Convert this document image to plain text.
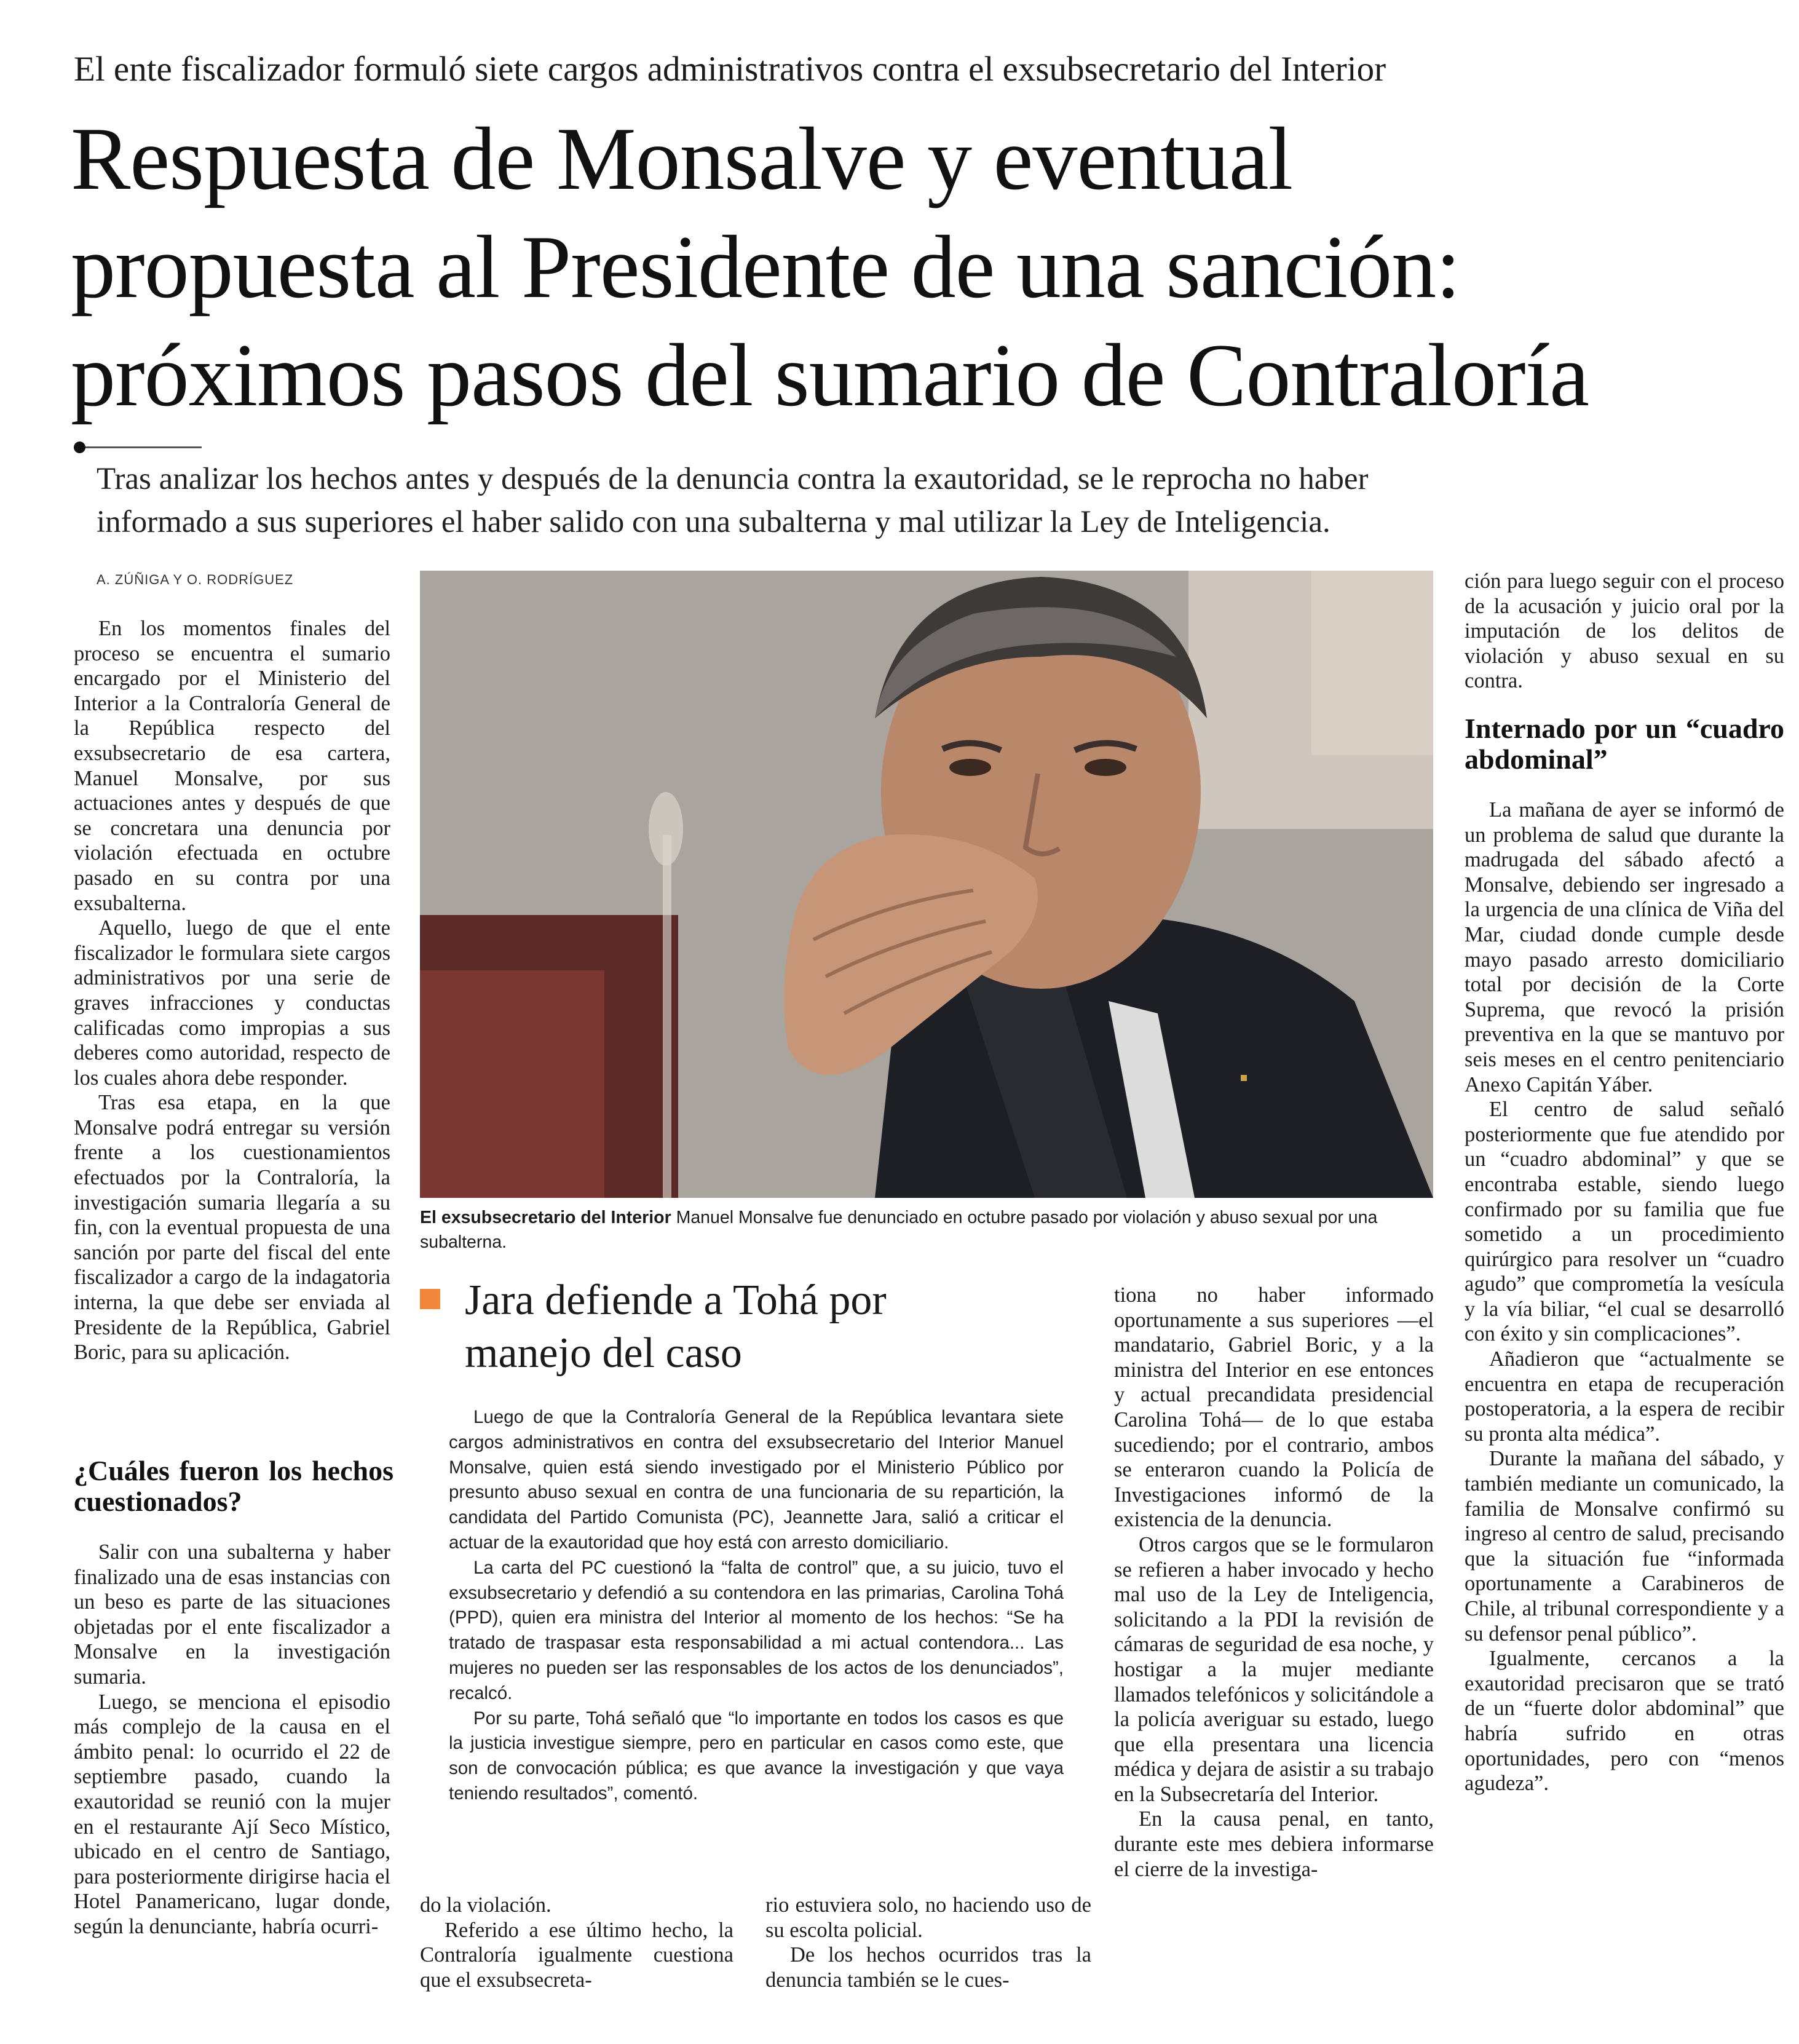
El ente fiscalizador formuló siete cargos administrativos contra el exsubsecretario del Interior
Respuesta de Monsalve y eventual
propuesta al Presidente de una sanción:
próximos pasos del sumario de Contraloría
Tras analizar los hechos antes y después de la denuncia contra la exautoridad, se le reprocha no haber
informado a sus superiores el haber salido con una subalterna y mal utilizar la Ley de Inteligencia.
A. ZÚÑIGA Y O. RODRÍGUEZ

En los momentos finales del proceso se encuentra el sumario encargado por el Ministerio del Interior a la Contraloría General de la República respecto del exsubsecretario de esa cartera, Manuel Monsalve, por sus actuaciones antes y después de que se concretara una denuncia por violación efectuada en octubre pasado en su contra por una exsubalterna.

Aquello, luego de que el ente fiscalizador le formulara siete cargos administrativos por una serie de graves infracciones y conductas calificadas como impropias a sus deberes como autoridad, respecto de los cuales ahora debe responder.

Tras esa etapa, en la que Monsalve podrá entregar su versión frente a los cuestionamientos efectuados por la Contraloría, la investigación sumaria llegaría a su fin, con la eventual propuesta de una sanción por parte del fiscal del ente fiscalizador a cargo de la indagatoria interna, la que debe ser enviada al Presidente de la República, Gabriel Boric, para su aplicación.

¿Cuáles fueron los hechos cuestionados?

Salir con una subalterna y haber finalizado una de esas instancias con un beso es parte de las situaciones objetadas por el ente fiscalizador a Monsalve en la investigación sumaria.

Luego, se menciona el episodio más complejo de la causa en el ámbito penal: lo ocurrido el 22 de septiembre pasado, cuando la exautoridad se reunió con la mujer en el restaurante Ají Seco Místico, ubicado en el centro de Santiago, para posteriormente dirigirse hacia el Hotel Panamericano, lugar donde, según la denunciante, habría ocurri-

El exsubsecretario del Interior Manuel Monsalve fue denunciado en octubre pasado por violación y abuso sexual por una subalterna.
Jara defiende a Tohá por
manejo del caso

Luego de que la Contraloría General de la República levantara siete cargos administrativos en contra del exsubsecretario del Interior Manuel Monsalve, quien está siendo investigado por el Ministerio Público por presunto abuso sexual en contra de una funcionaria de su repartición, la candidata del Partido Comunista (PC), Jeannette Jara, salió a criticar el actuar de la exautoridad que hoy está con arresto domiciliario.

La carta del PC cuestionó la “falta de control” que, a su juicio, tuvo el exsubsecretario y defendió a su contendora en las primarias, Carolina Tohá (PPD), quien era ministra del Interior al momento de los hechos: “Se ha tratado de traspasar esta responsabilidad a mi actual contendora... Las mujeres no pueden ser las responsables de los actos de los denunciados”, recalcó.

Por su parte, Tohá señaló que “lo importante en todos los casos es que la justicia investigue siempre, pero en particular en casos como este, que son de convocación pública; es que avance la investigación y que vaya teniendo resultados”, comentó.

tiona no haber informado oportunamente a sus superiores —el mandatario, Gabriel Boric, y a la ministra del Interior en ese entonces y actual precandidata presidencial Carolina Tohá— de lo que estaba sucediendo; por el contrario, ambos se enteraron cuando la Policía de Investigaciones informó de la existencia de la denuncia.

Otros cargos que se le formularon se refieren a haber invocado y hecho mal uso de la Ley de Inteligencia, solicitando a la PDI la revisión de cámaras de seguridad de esa noche, y hostigar a la mujer mediante llamados telefónicos y solicitándole a la policía averiguar su estado, luego que ella presentara una licencia médica y dejara de asistir a su trabajo en la Subsecretaría del Interior.

En la causa penal, en tanto, durante este mes debiera informarse el cierre de la investiga-

do la violación.

Referido a ese último hecho, la Contraloría igualmente cuestiona que el exsubsecreta-

rio estuviera solo, no haciendo uso de su escolta policial.

De los hechos ocurridos tras la denuncia también se le cues-

ción para luego seguir con el proceso de la acusación y juicio oral por la imputación de los delitos de violación y abuso sexual en su contra.

Internado por un “cuadro abdominal”

La mañana de ayer se informó de un problema de salud que durante la madrugada del sábado afectó a Monsalve, debiendo ser ingresado a la urgencia de una clínica de Viña del Mar, ciudad donde cumple desde mayo pasado arresto domiciliario total por decisión de la Corte Suprema, que revocó la prisión preventiva en la que se mantuvo por seis meses en el centro penitenciario Anexo Capitán Yáber.

El centro de salud señaló posteriormente que fue atendido por un “cuadro abdominal” y que se encontraba estable, siendo luego confirmado por su familia que fue sometido a un procedimiento quirúrgico para resolver un “cuadro agudo” que comprometía la vesícula y la vía biliar, “el cual se desarrolló con éxito y sin complicaciones”.

Añadieron que “actualmente se encuentra en etapa de recuperación postoperatoria, a la espera de recibir su pronta alta médica”.

Durante la mañana del sábado, y también mediante un comunicado, la familia de Monsalve confirmó su ingreso al centro de salud, precisando que la situación fue “informada oportunamente a Carabineros de Chile, al tribunal correspondiente y a su defensor penal público”.

Igualmente, cercanos a la exautoridad precisaron que se trató de un “fuerte dolor abdominal” que habría sufrido en otras oportunidades, pero con “menos agudeza”.
